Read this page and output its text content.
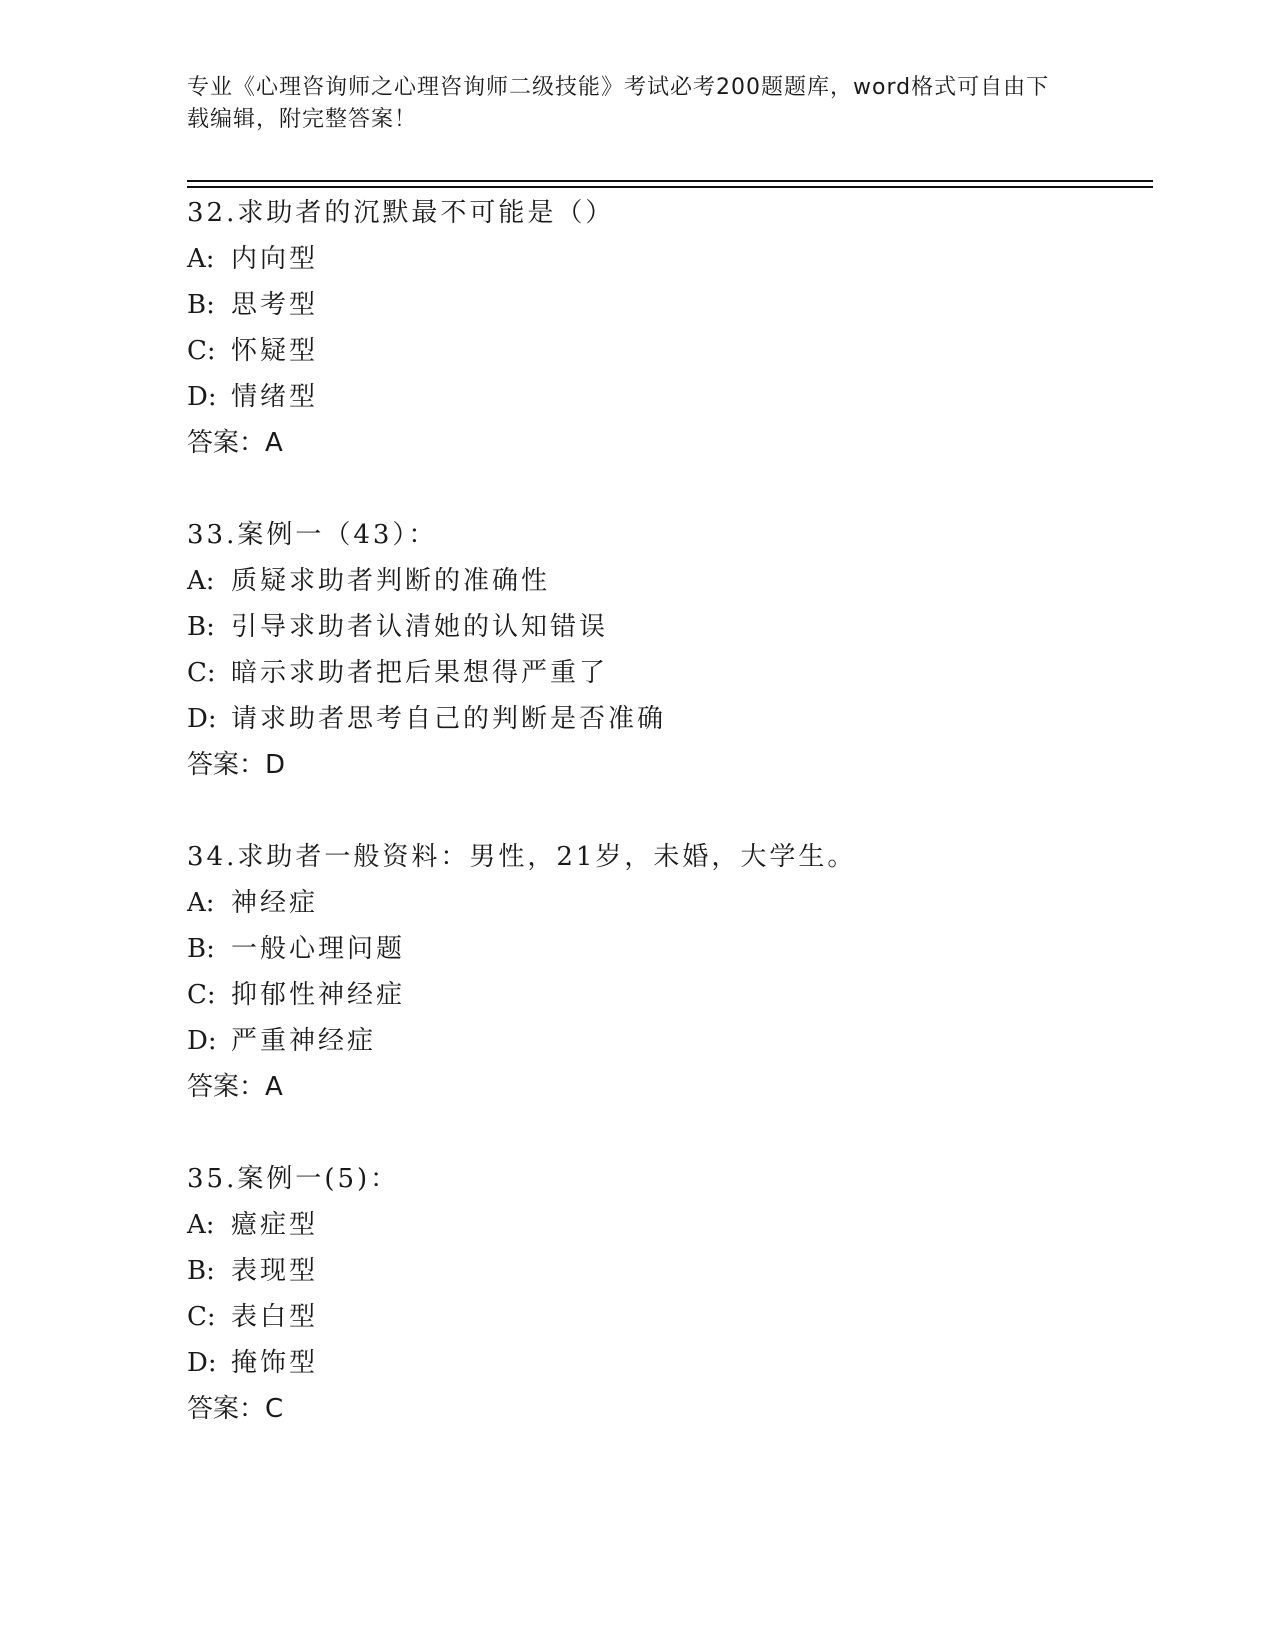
专业《心理咨询师之心理咨询师二级技能》考试必考200题题库，word格式可自由下载编辑，附完整答案！
32.求助者的沉默最不可能是（）
A: 内向型
B: 思考型
C: 怀疑型
D: 情绪型
答案：A
33.案例一（43）：
A: 质疑求助者判断的准确性
B: 引导求助者认清她的认知错误
C: 暗示求助者把后果想得严重了
D: 请求助者思考自己的判断是否准确
答案：D
34.求助者一般资料：男性，21岁，未婚，大学生。
A: 神经症
B: 一般心理问题
C: 抑郁性神经症
D: 严重神经症
答案：A
35.案例一(5)：
A: 癔症型
B: 表现型
C: 表白型
D: 掩饰型
答案：C
